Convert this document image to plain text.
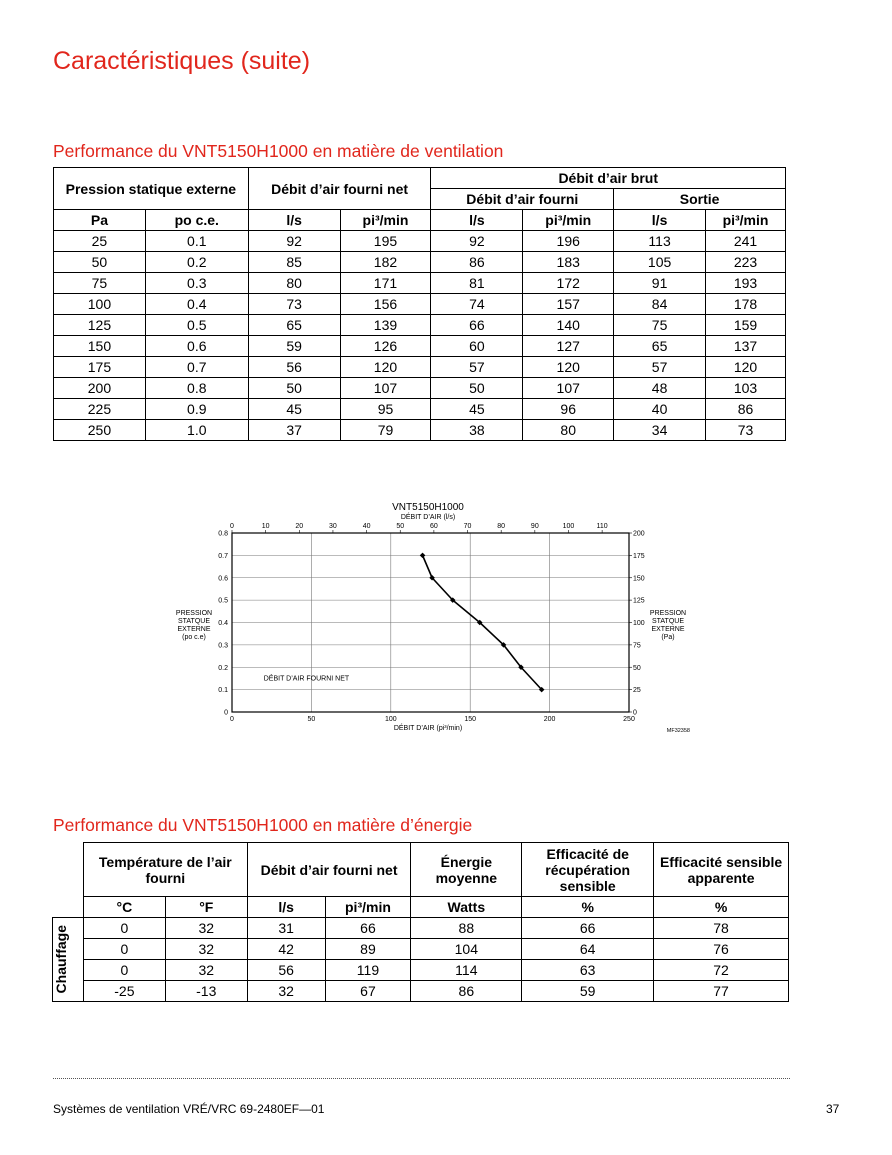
Caractéristiques (suite)
Performance du VNT5150H1000 en matière de ventilation
Pression statique externe		Débit d’air fourni net		Débit d’air brut			
				Débit d’air fourni		Sortie	
Pa	po c.e.	l/s	pi³/min	l/s	pi³/min	l/s	pi³/min
25	0.1	92	195	92	196	113	241
50	0.2	85	182	86	183	105	223
75	0.3	80	171	81	172	91	193
100	0.4	73	156	74	157	84	178
125	0.5	65	139	66	140	75	159
150	0.6	59	126	60	127	65	137
175	0.7	56	120	57	120	57	120
200	0.8	50	107	50	107	48	103
225	0.9	45	95	45	96	40	86
250	1.0	37	79	38	80	34	73
VNT5150H1000
DÉBIT D’AIR (l/s)
0
0.1
0.2
0.3
0.4
0.5
0.6
0.7
0.8
0
25
50
75
100
125
150
175
200
0	50	100	150	200	250
DÉBIT D’AIR (pi³/min)
0	10	20	30	40	50	60	70	80	90	100	110
PRESSION
STATQUE
EXTERNE
(po c.e)
PRESSION
STATQUE
EXTERNE
(Pa)
MF32358
DÉBIT D’AIR FOURNI NET
Performance du VNT5150H1000 en matière d’énergie
	Température de l’air fourni		Débit d’air fourni net		Énergie moyenne	Efficacité de récupération sensible	Efficacité sensible apparente
	°C	°F	l/s	pi³/min	Watts	%	%

Chauffage	0	32	31	66	88	66	78
	0	32	42	89	104	64	76
	0	32	56	119	114	63	72
	-25	-13	32	67	86	59	77
Systèmes de ventilation VRÉ/VRC 69-2480EF—01	37
